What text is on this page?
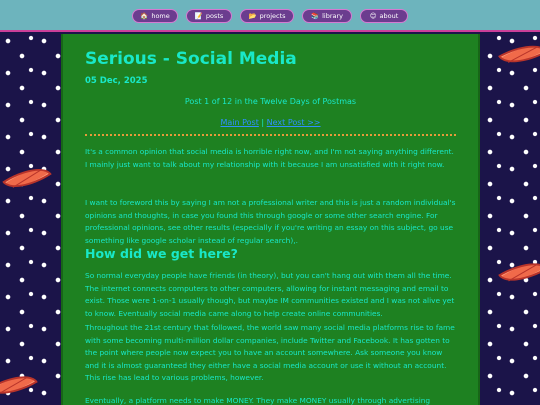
🏠 home	📝 posts	📂 projects	📚 library	😊 about
Serious - Social Media
05 Dec, 2025
Post 1 of 12 in the Twelve Days of Postmas
Main Post | Next Post >>

It's a common opinion that social media is horrible right now, and I'm not saying anything different. I mainly just want to talk about my relationship with it because I am unsatisfied with it right now.

I want to foreword this by saying I am not a professional writer and this is just a random individual's opinions and thoughts, in case you found this through google or some other search engine. For professional opinions, see other results (especially if you're writing an essay on this subject, go use something like google scholar instead of regular search),.

How did we get here?

So normal everyday people have friends (in theory), but you can't hang out with them all the time. The internet connects computers to other computers, allowing for instant messaging and email to exist. Those were 1-on-1 usually though, but maybe IM communities existed and I was not alive yet to know. Eventually social media came along to help create online communities.

Throughout the 21st century that followed, the world saw many social media platforms rise to fame with some becoming multi-million dollar companies, include Twitter and Facebook. It has gotten to the point where people now expect you to have an account somewhere. Ask someone you know and it is almost guaranteed they either have a social media account or use it without an account. This rise has lead to various problems, however.

Eventually, a platform needs to make MONEY. They make MONEY usually through advertising
